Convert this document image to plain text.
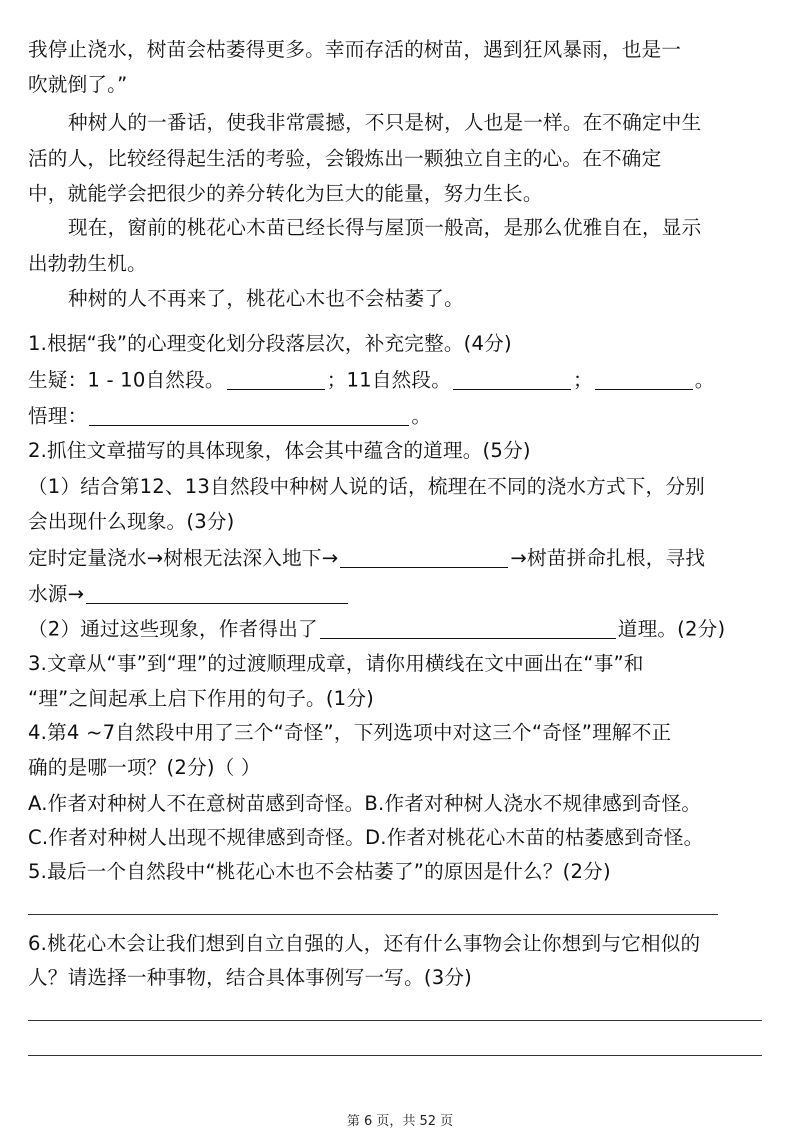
我停止浇水，树苗会枯萎得更多。幸而存活的树苗，遇到狂风暴雨，也是一
吹就倒了。”
种树人的一番话，使我非常震撼，不只是树，人也是一样。在不确定中生
活的人，比较经得起生活的考验，会锻炼出一颗独立自主的心。在不确定
中，就能学会把很少的养分转化为巨大的能量，努力生长。
现在，窗前的桃花心木苗已经长得与屋顶一般高，是那么优雅自在，显示
出勃勃生机。
种树的人不再来了，桃花心木也不会枯萎了。
1.根据“我”的心理变化划分段落层次，补充完整。(4分)
生疑：1 - 10自然段。	；11自然段。	；	。
悟理：	。
2.抓住文章描写的具体现象，体会其中蕴含的道理。(5分)
（1）结合第12、13自然段中种树人说的话，梳理在不同的浇水方式下，分别
会出现什么现象。(3分)
定时定量浇水→树根无法深入地下→	→树苗拼命扎根，寻找
水源→
（2）通过这些现象，作者得出了	道理。(2分)
3.文章从“事”到“理”的过渡顺理成章，请你用横线在文中画出在“事”和
“理”之间起承上启下作用的句子。(1分)
4.第4 ~7自然段中用了三个“奇怪”，下列选项中对这三个“奇怪”理解不正
确的是哪一项？(2分)（ ）
A.作者对种树人不在意树苗感到奇怪。B.作者对种树人浇水不规律感到奇怪。
C.作者对种树人出现不规律感到奇怪。D.作者对桃花心木苗的枯萎感到奇怪。
5.最后一个自然段中“桃花心木也不会枯萎了”的原因是什么？(2分)
6.桃花心木会让我们想到自立自强的人，还有什么事物会让你想到与它相似的
人？请选择一种事物，结合具体事例写一写。(3分)
第 6 页，共 52 页
